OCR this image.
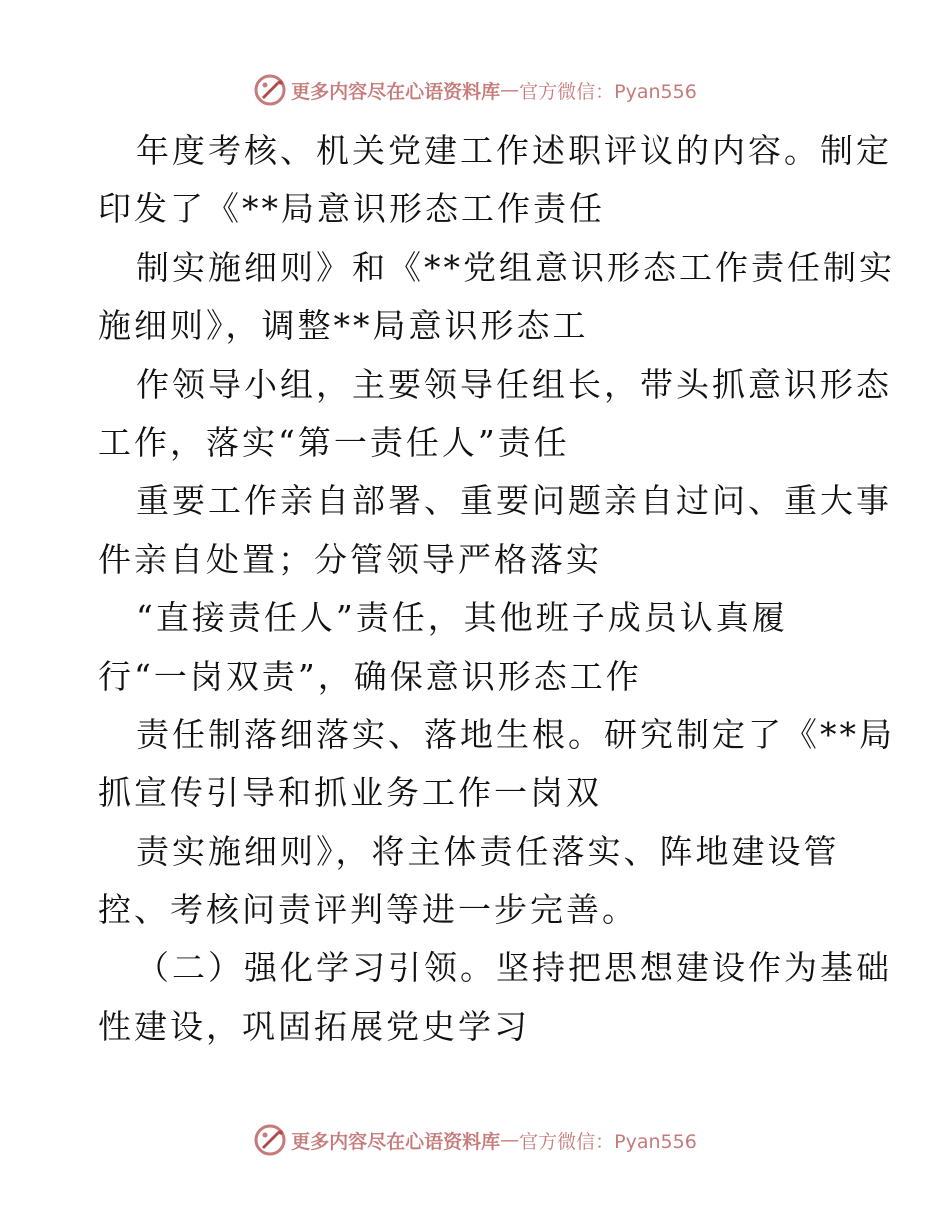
更多内容尽在心语资料库 — 官方微信：Pyan556
年度考核、机关党建工作述职评议的内容。制定
印发了《**局意识形态工作责任
制实施细则》和《**党组意识形态工作责任制实
施细则》，调整**局意识形态工
作领导小组，主要领导任组长，带头抓意识形态
工作，落实“第一责任人”责任
重要工作亲自部署、重要问题亲自过问、重大事
件亲自处置；分管领导严格落实
“直接责任人”责任，其他班子成员认真履
行“一岗双责”，确保意识形态工作
责任制落细落实、落地生根。研究制定了《**局
抓宣传引导和抓业务工作一岗双
责实施细则》，将主体责任落实、阵地建设管
控、考核问责评判等进一步完善。
（二）强化学习引领。坚持把思想建设作为基础
性建设，巩固拓展党史学习
更多内容尽在心语资料库 — 官方微信：Pyan556
